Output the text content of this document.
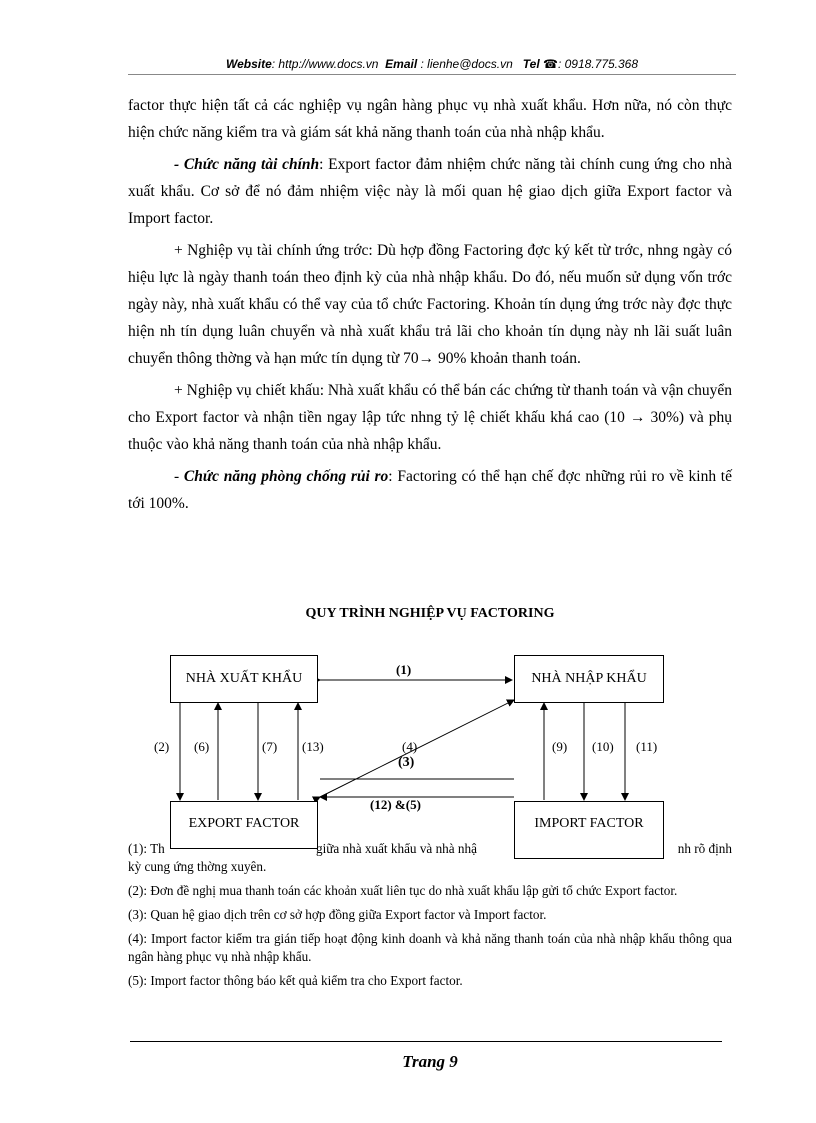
Website: http://www.docs.vn Email : lienhe@docs.vn Tel ☎: 0918.775.368

factor thực hiện tất cả các nghiệp vụ ngân hàng phục vụ nhà xuất khẩu. Hơn nữa, nó còn thực hiện chức năng kiểm tra và giám sát khả năng thanh toán của nhà nhập khẩu.

- Chức năng tài chính: Export factor đảm nhiệm chức năng tài chính cung ứng cho nhà xuất khẩu. Cơ sở để nó đảm nhiệm việc này là mối quan hệ giao dịch giữa Export factor và Import factor.

+ Nghiệp vụ tài chính ứng trớc: Dù hợp đồng Factoring đợc ký kết từ trớc, nhng ngày có hiệu lực là ngày thanh toán theo định kỳ của nhà nhập khẩu. Do đó, nếu muốn sử dụng vốn trớc ngày này, nhà xuất khẩu có thể vay của tổ chức Factoring. Khoản tín dụng ứng trớc này đợc thực hiện nh tín dụng luân chuyển và nhà xuất khẩu trả lãi cho khoản tín dụng này nh lãi suất luân chuyển thông thờng và hạn mức tín dụng từ 70→ 90% khoản thanh toán.

+ Nghiệp vụ chiết khấu: Nhà xuất khẩu có thể bán các chứng từ thanh toán và vận chuyển cho Export factor và nhận tiền ngay lập tức nhng tỷ lệ chiết khấu khá cao (10 → 30%) và phụ thuộc vào khả năng thanh toán của nhà nhập khẩu.

- Chức năng phòng chống rủi ro: Factoring có thể hạn chế đợc những rủi ro về kinh tế tới 100%.

QUY TRÌNH NGHIỆP VỤ FACTORING
NHÀ XUẤT KHẨU	NHÀ NHẬP KHẨU
EXPORT FACTOR	IMPORT FACTOR
(1)
(2) (6)	(7) (13)	(4)
(3)
(12) &(5)
(9) (10) (11)

(1): Th	giữa nhà xuất khẩu và nhà nhậ	nh rõ định

kỳ cung ứng thờng xuyên.

(2): Đơn đề nghị mua thanh toán các khoản xuất liên tục do nhà xuất khẩu lập gửi tổ chức Export factor.

(3): Quan hệ giao dịch trên cơ sở hợp đồng giữa Export factor và Import factor.

(4): Import factor kiểm tra gián tiếp hoạt động kinh doanh và khả năng thanh toán của nhà nhập khẩu thông qua ngân hàng phục vụ nhà nhập khẩu.

(5): Import factor thông báo kết quả kiểm tra cho Export factor.

Trang 9
